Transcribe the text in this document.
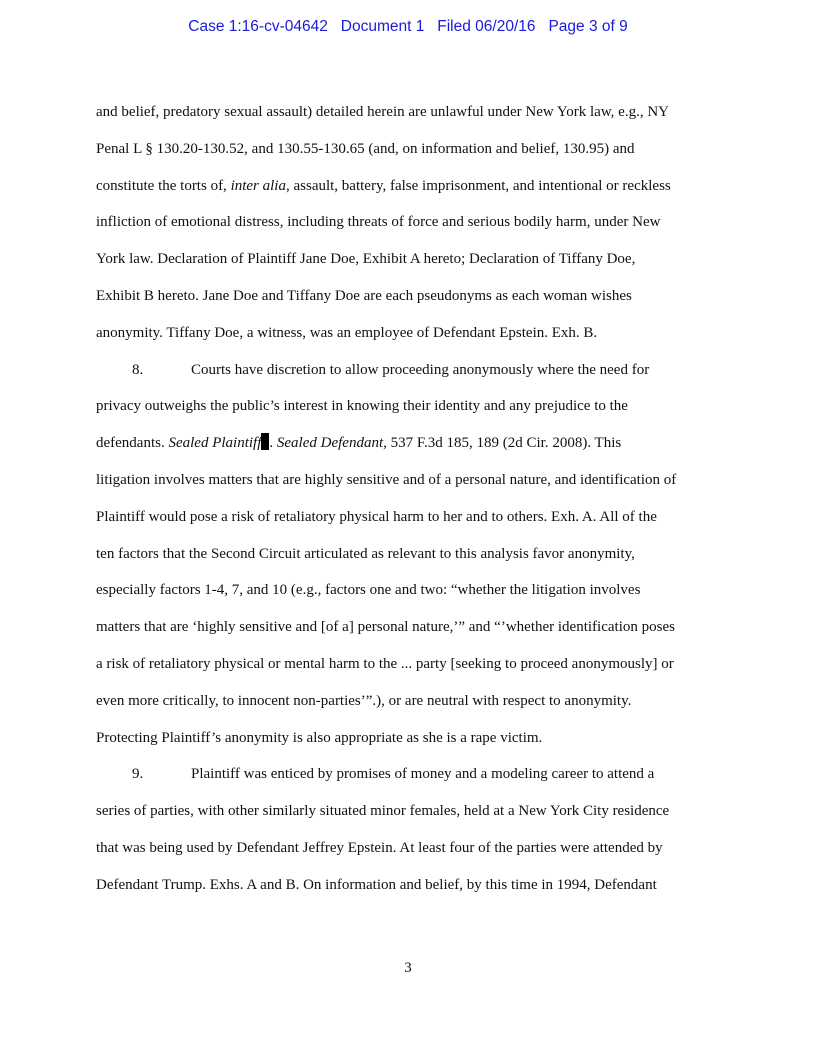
Case 1:16-cv-04642 Document 1 Filed 06/20/16 Page 3 of 9
and belief, predatory sexual assault) detailed herein are unlawful under New York law, e.g., NY
Penal L § 130.20-130.52, and 130.55-130.65 (and, on information and belief, 130.95) and
constitute the torts of, inter alia, assault, battery, false imprisonment, and intentional or reckless
infliction of emotional distress, including threats of force and serious bodily harm, under New
York law. Declaration of Plaintiff Jane Doe, Exhibit A hereto; Declaration of Tiffany Doe,
Exhibit B hereto. Jane Doe and Tiffany Doe are each pseudonyms as each woman wishes
anonymity. Tiffany Doe, a witness, was an employee of Defendant Epstein. Exh. B.
8.	Courts have discretion to allow proceeding anonymously where the need for
privacy outweighs the public’s interest in knowing their identity and any prejudice to the
defendants. Sealed Plaintiff . Sealed Defendant, 537 F.3d 185, 189 (2d Cir. 2008). This
litigation involves matters that are highly sensitive and of a personal nature, and identification of
Plaintiff would pose a risk of retaliatory physical harm to her and to others. Exh. A. All of the
ten factors that the Second Circuit articulated as relevant to this analysis favor anonymity,
especially factors 1-4, 7, and 10 (e.g., factors one and two: “whether the litigation involves
matters that are ‘highly sensitive and [of a] personal nature,’” and “’whether identification poses
a risk of retaliatory physical or mental harm to the ... party [seeking to proceed anonymously] or
even more critically, to innocent non-parties’”.), or are neutral with respect to anonymity.
Protecting Plaintiff’s anonymity is also appropriate as she is a rape victim.
9.	Plaintiff was enticed by promises of money and a modeling career to attend a
series of parties, with other similarly situated minor females, held at a New York City residence
that was being used by Defendant Jeffrey Epstein. At least four of the parties were attended by
Defendant Trump. Exhs. A and B. On information and belief, by this time in 1994, Defendant
3
